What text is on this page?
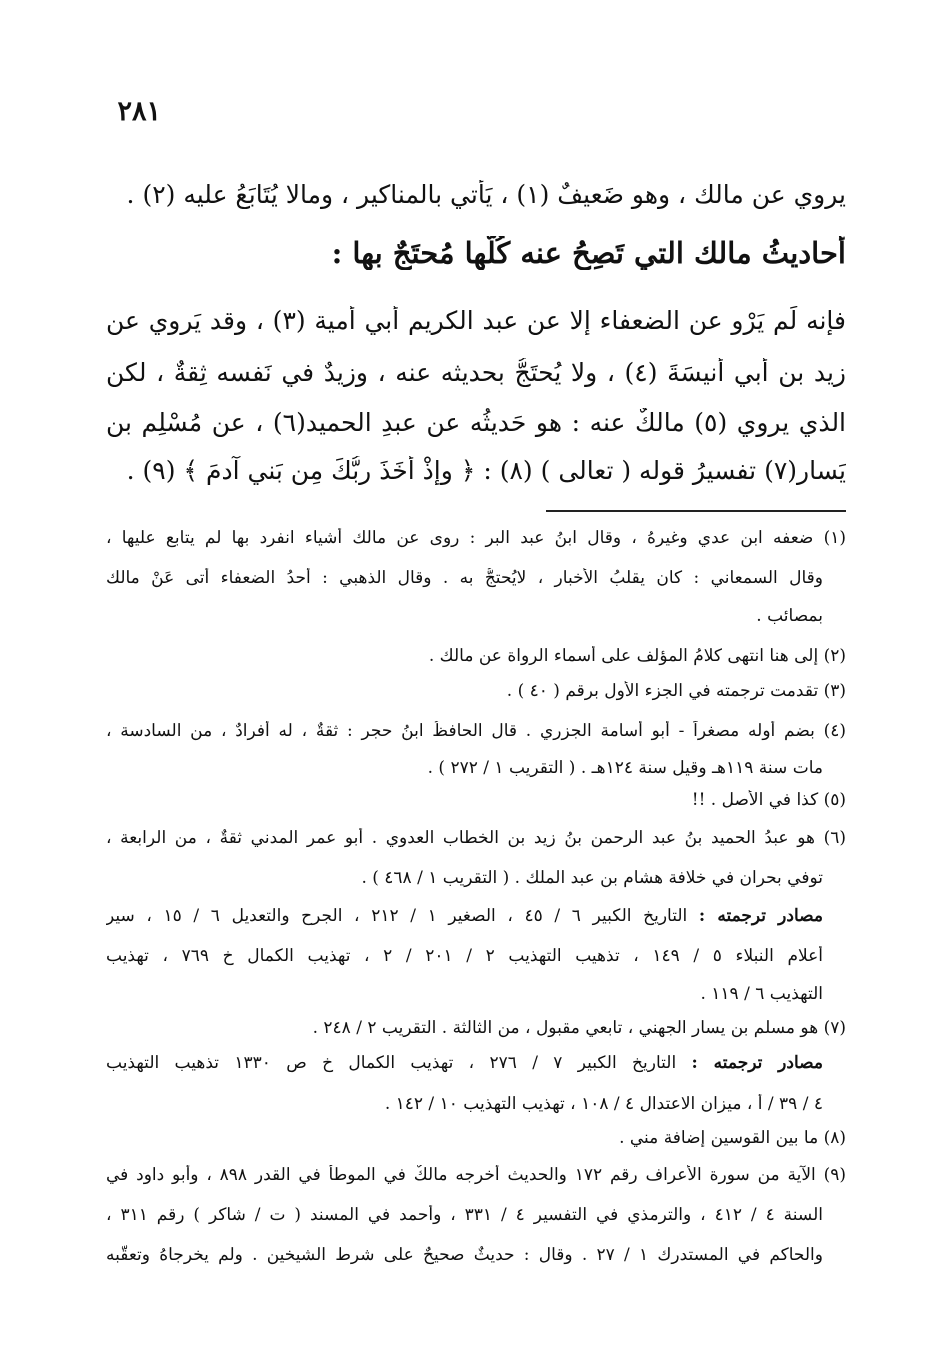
٢٨١
يروي عن مالك ، وهو ضَعيفٌ (١) ، يَأتي بالمناكير ، ومالا يُتَابَعُ عليه (٢) .
أحاديثُ مالك التي تَصِحُ عنه كُلُّها مُحتَجٌ بها :
فإنه لَم يَرْوِ عن الضعفاء إلا عن عبد الكريم أبي أُمية (٣) ، وقد يَروي عن
زيد بنِ أبي أُنيسَةَ (٤) ، ولا يُحتَجُّ بحديثه عنه ، وزيدٌ في نَفسه ثِقةٌ ، لكن
الذي يروي (٥) مالكٌ عنه : هو حَديثُه عن عبدِ الحميد(٦) ، عن مُسْلِم بن
يَسار(٧) تفسيرُ قوله ( تعالى ) (٨) : ﴿ وإذْ أخَذَ ربُّكَ مِن بَني آدمَ ﴾ (٩) .
(١) ضعفه ابن عدي وغيرهُ ، وقال ابنُ عبد البر : روى عن مالك أشياء انفرد بها لم يتابع عليها ،
وقال السمعاني : كان يقلبُ الأخبار ، لايُحتجُّ به . وقال الذهبي : أحدُ الضعفاء أتى عَنْ مالك
بمصائب .
(٢) إلى هنا انتهى كلامُ المؤلف على أسماء الرواة عن مالك .
(٣) تقدمت ترجمته في الجزء الأول برقم ( ٤٠ ) .
(٤) بضم أوله مصغراً - أبو أسامة الجزري . قال الحافظُ ابنُ حجر : ثقةٌ ، له أفرادٌ ، من السادسة ،
مات سنة ١١٩هـ وقيل سنة ١٢٤هـ . ( التقريب ١ / ٢٧٢ ) .
(٥) كذا في الأصل . !!
(٦) هو عبدُ الحميد بنُ عبد الرحمن بنُ زيد بن الخطاب العدوي . أبو عمر المدني ثقةٌ ، من الرابعة ،
توفي بحران في خلافة هشام بن عبد الملك . ( التقريب ١ / ٤٦٨ ) .
مصادر ترجمته : التاريخ الكبير ٦ / ٤٥ ، الصغير ١ / ٢١٢ ، الجرح والتعديل ٦ / ١٥ ، سير
أعلام النبلاء ٥ / ١٤٩ ، تذهيب التهذيب ٢ / ٢٠١ / ٢ ، تهذيب الكمال خ ٧٦٩ ، تهذيب
التهذيب ٦ / ١١٩ .
(٧) هو مسلم بن يسار الجهني ، تابعي مقبول ، من الثالثة . التقريب ٢ / ٢٤٨ .
مصادر ترجمته : التاريخ الكبير ٧ / ٢٧٦ ، تهذيب الكمال خ ص ١٣٣٠ تذهيب التهذيب
٤ / ٣٩ / أ ، ميزان الاعتدال ٤ / ١٠٨ ، تهذيب التهذيب ١٠ / ١٤٢ .
(٨) ما بين القوسين إضافة مني .
(٩) الآية من سورة الأعراف رقم ١٧٢ والحديث أخرجه مالكٌ في الموطأ في القدر ٨٩٨ ، وأبو داود في
السنة ٤ / ٤١٢ ، والترمذي في التفسير ٤ / ٣٣١ ، وأحمد في المسند ( ت / شاكر ) رقم ٣١١ ،
والحاكم في المستدرك ١ / ٢٧ . وقال : حديثٌ صحيحٌ على شرط الشيخين . ولم يخرجاهُ وتعقّبه
